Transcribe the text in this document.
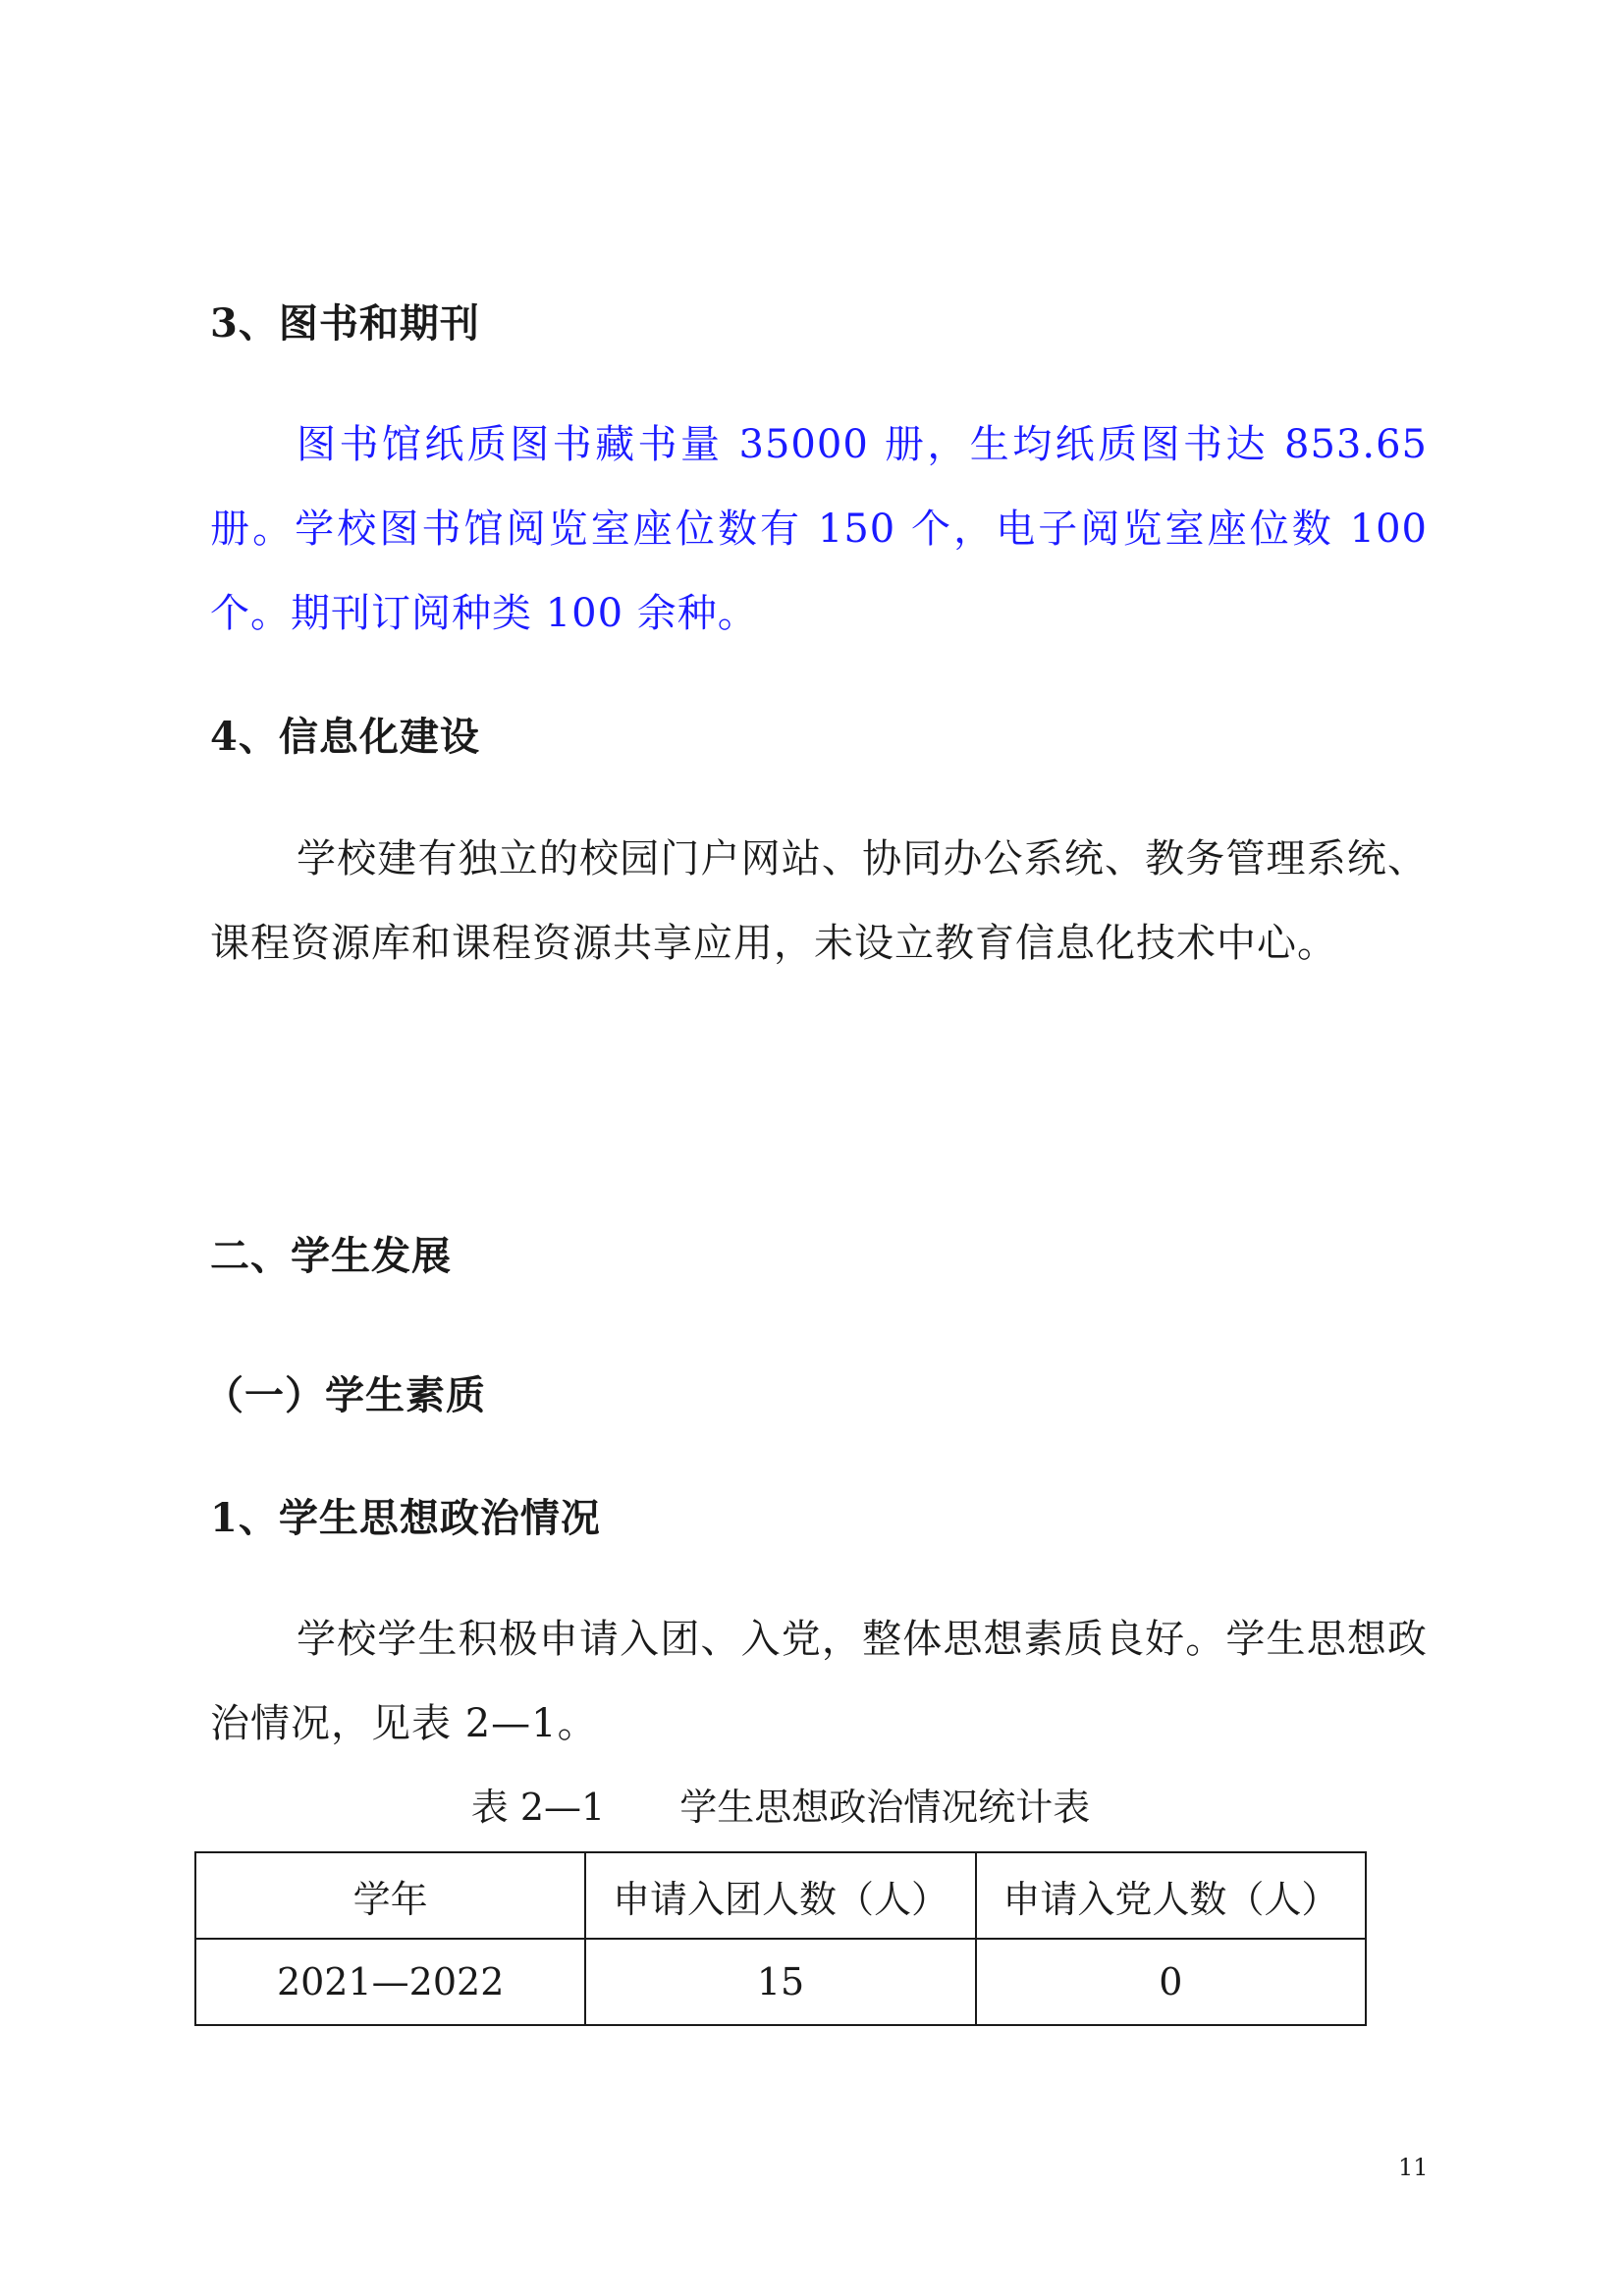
3、图书和期刊
图书馆纸质图书藏书量 35000 册，生均纸质图书达 853.65 册。学校图书馆阅览室座位数有 150 个，电子阅览室座位数 100 个。期刊订阅种类 100 余种。
4、信息化建设
学校建有独立的校园门户网站、协同办公系统、教务管理系统、课程资源库和课程资源共享应用，未设立教育信息化技术中心。
二、学生发展
（一）学生素质
1、学生思想政治情况
学校学生积极申请入团、入党，整体思想素质良好。学生思想政治情况，见表 2—1。
表 2—1　　学生思想政治情况统计表
学年	申请入团人数（人）	申请入党人数（人）
2021—2022	15	0
11
